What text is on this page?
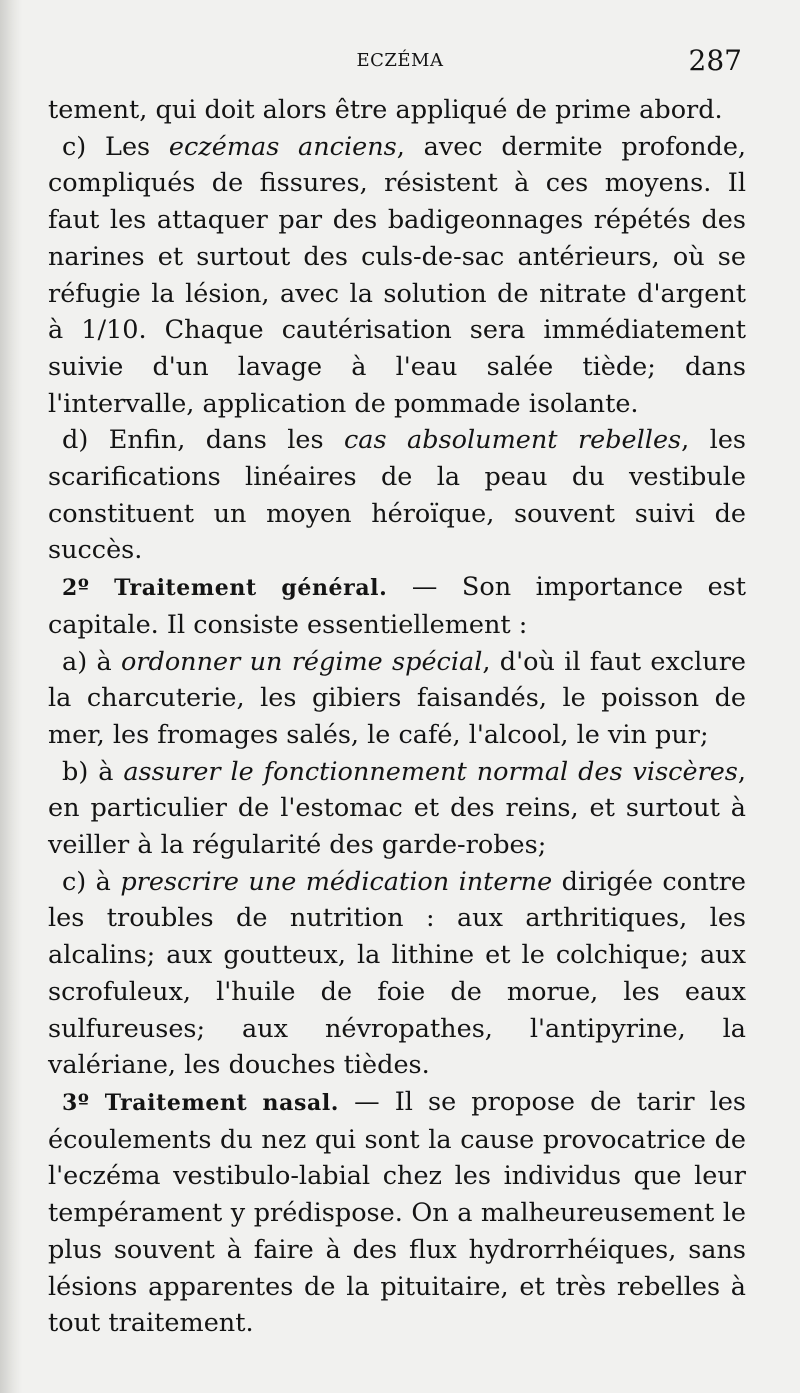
ECZÉMA	287

tement, qui doit alors être appliqué de prime abord.

c) Les eczémas anciens, avec dermite profonde, compliqués de fissures, résistent à ces moyens. Il faut les attaquer par des badigeonnages répétés des narines et surtout des culs-de-sac antérieurs, où se réfugie la lésion, avec la solution de nitrate d'argent à 1/10. Chaque cautérisation sera immédiatement suivie d'un lavage à l'eau salée tiède; dans l'intervalle, application de pommade isolante.

d) Enfin, dans les cas absolument rebelles, les scarifications linéaires de la peau du vestibule constituent un moyen héroïque, souvent suivi de succès.

2º Traitement général. — Son importance est capitale. Il consiste essentiellement :

a) à ordonner un régime spécial, d'où il faut exclure la charcuterie, les gibiers faisandés, le poisson de mer, les fromages salés, le café, l'alcool, le vin pur;

b) à assurer le fonctionnement normal des viscères, en particulier de l'estomac et des reins, et surtout à veiller à la régularité des garde-robes;

c) à prescrire une médication interne dirigée contre les troubles de nutrition : aux arthritiques, les alcalins; aux goutteux, la lithine et le colchique; aux scrofuleux, l'huile de foie de morue, les eaux sulfureuses; aux névropathes, l'antipyrine, la valériane, les douches tièdes.

3º Traitement nasal. — Il se propose de tarir les écoulements du nez qui sont la cause provocatrice de l'eczéma vestibulo-labial chez les individus que leur tempérament y prédispose. On a malheureusement le plus souvent à faire à des flux hydrorrhéiques, sans lésions apparentes de la pituitaire, et très rebelles à tout traitement.
